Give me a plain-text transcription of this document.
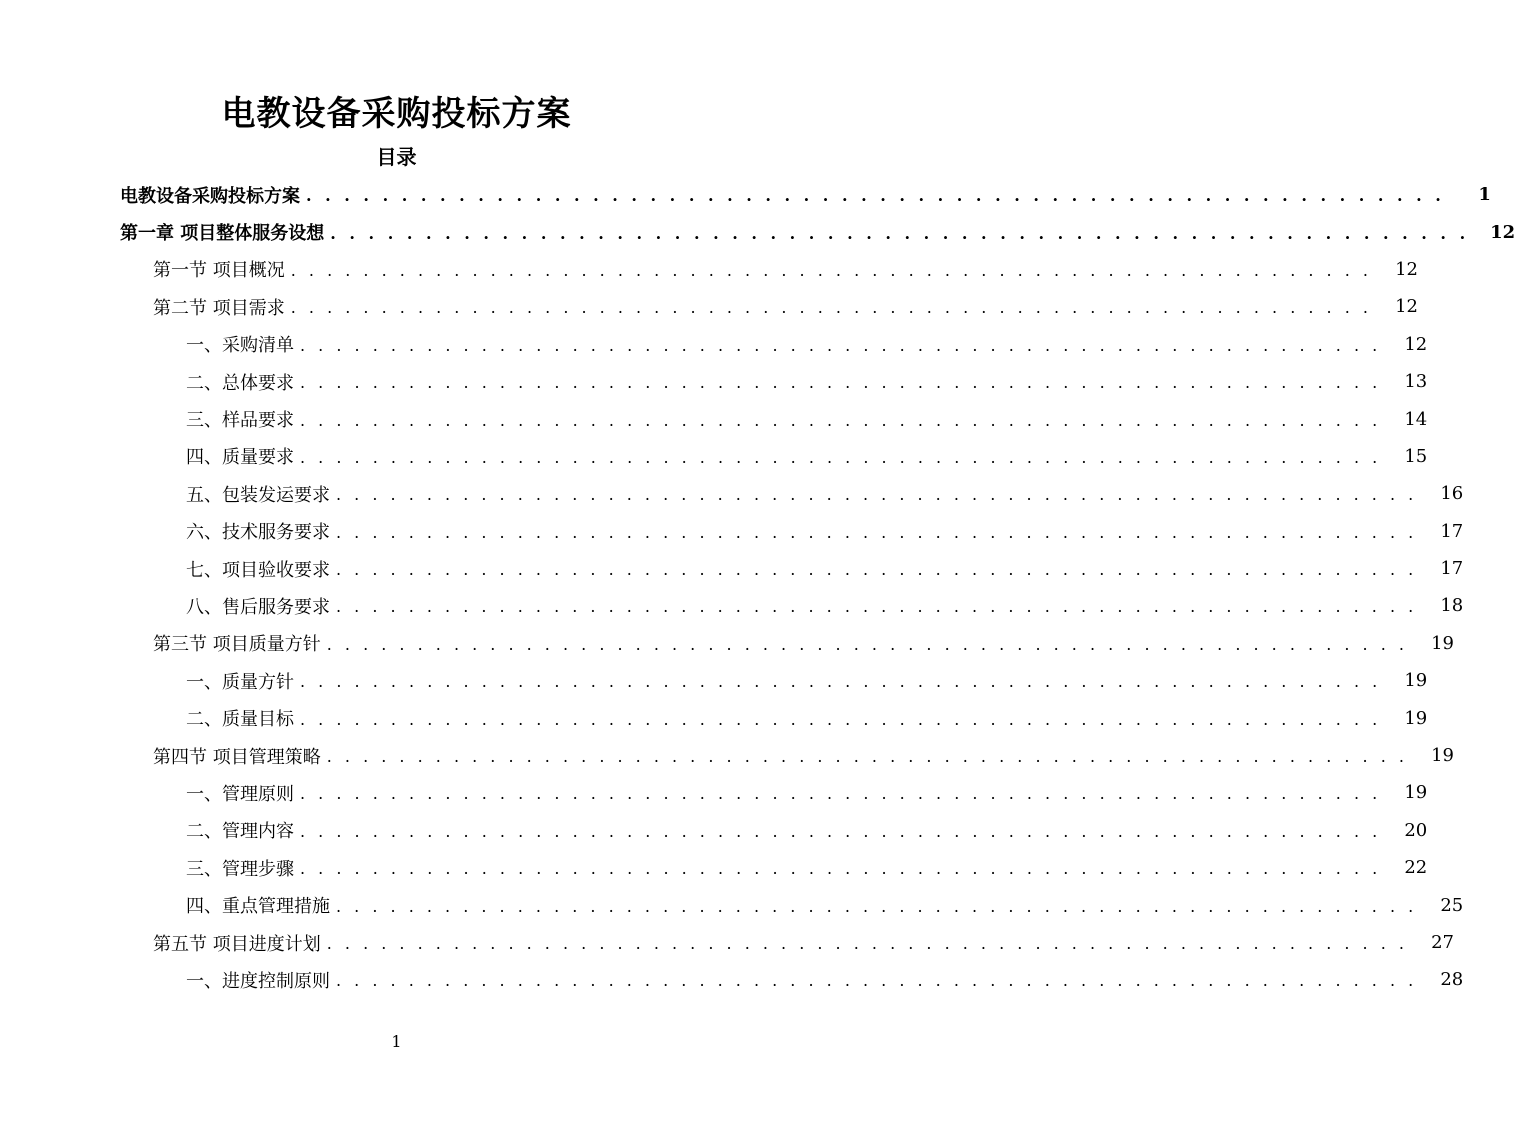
电教设备采购投标方案
目录
电教设备采购投标方案 . . . . . . . . . . . . . . . . . . . . . . . . . . . . . . . . . . . . . . . . . . . . . . . . . . . . . . . . . . . .	1
第一章 项目整体服务设想 . . . . . . . . . . . . . . . . . . . . . . . . . . . . . . . . . . . . . . . . . . . . . . . . . . . . . . . . . . . .	12
第一节 项目概况 . . . . . . . . . . . . . . . . . . . . . . . . . . . . . . . . . . . . . . . . . . . . . . . . . . . . . . . . . . . .	12
第二节 项目需求 . . . . . . . . . . . . . . . . . . . . . . . . . . . . . . . . . . . . . . . . . . . . . . . . . . . . . . . . . . . .	12
一、采购清单 . . . . . . . . . . . . . . . . . . . . . . . . . . . . . . . . . . . . . . . . . . . . . . . . . . . . . . . . . . . .	12
二、总体要求 . . . . . . . . . . . . . . . . . . . . . . . . . . . . . . . . . . . . . . . . . . . . . . . . . . . . . . . . . . . .	13
三、样品要求 . . . . . . . . . . . . . . . . . . . . . . . . . . . . . . . . . . . . . . . . . . . . . . . . . . . . . . . . . . . .	14
四、质量要求 . . . . . . . . . . . . . . . . . . . . . . . . . . . . . . . . . . . . . . . . . . . . . . . . . . . . . . . . . . . .	15
五、包装发运要求 . . . . . . . . . . . . . . . . . . . . . . . . . . . . . . . . . . . . . . . . . . . . . . . . . . . . . . . . . . . .	16
六、技术服务要求 . . . . . . . . . . . . . . . . . . . . . . . . . . . . . . . . . . . . . . . . . . . . . . . . . . . . . . . . . . . .	17
七、项目验收要求 . . . . . . . . . . . . . . . . . . . . . . . . . . . . . . . . . . . . . . . . . . . . . . . . . . . . . . . . . . . .	17
八、售后服务要求 . . . . . . . . . . . . . . . . . . . . . . . . . . . . . . . . . . . . . . . . . . . . . . . . . . . . . . . . . . . .	18
第三节 项目质量方针 . . . . . . . . . . . . . . . . . . . . . . . . . . . . . . . . . . . . . . . . . . . . . . . . . . . . . . . . . . . .	19
一、质量方针 . . . . . . . . . . . . . . . . . . . . . . . . . . . . . . . . . . . . . . . . . . . . . . . . . . . . . . . . . . . .	19
二、质量目标 . . . . . . . . . . . . . . . . . . . . . . . . . . . . . . . . . . . . . . . . . . . . . . . . . . . . . . . . . . . .	19
第四节 项目管理策略 . . . . . . . . . . . . . . . . . . . . . . . . . . . . . . . . . . . . . . . . . . . . . . . . . . . . . . . . . . . .	19
一、管理原则 . . . . . . . . . . . . . . . . . . . . . . . . . . . . . . . . . . . . . . . . . . . . . . . . . . . . . . . . . . . .	19
二、管理内容 . . . . . . . . . . . . . . . . . . . . . . . . . . . . . . . . . . . . . . . . . . . . . . . . . . . . . . . . . . . .	20
三、管理步骤 . . . . . . . . . . . . . . . . . . . . . . . . . . . . . . . . . . . . . . . . . . . . . . . . . . . . . . . . . . . .	22
四、重点管理措施 . . . . . . . . . . . . . . . . . . . . . . . . . . . . . . . . . . . . . . . . . . . . . . . . . . . . . . . . . . . .	25
第五节 项目进度计划 . . . . . . . . . . . . . . . . . . . . . . . . . . . . . . . . . . . . . . . . . . . . . . . . . . . . . . . . . . . .	27
一、进度控制原则 . . . . . . . . . . . . . . . . . . . . . . . . . . . . . . . . . . . . . . . . . . . . . . . . . . . . . . . . . . . .	28
1
